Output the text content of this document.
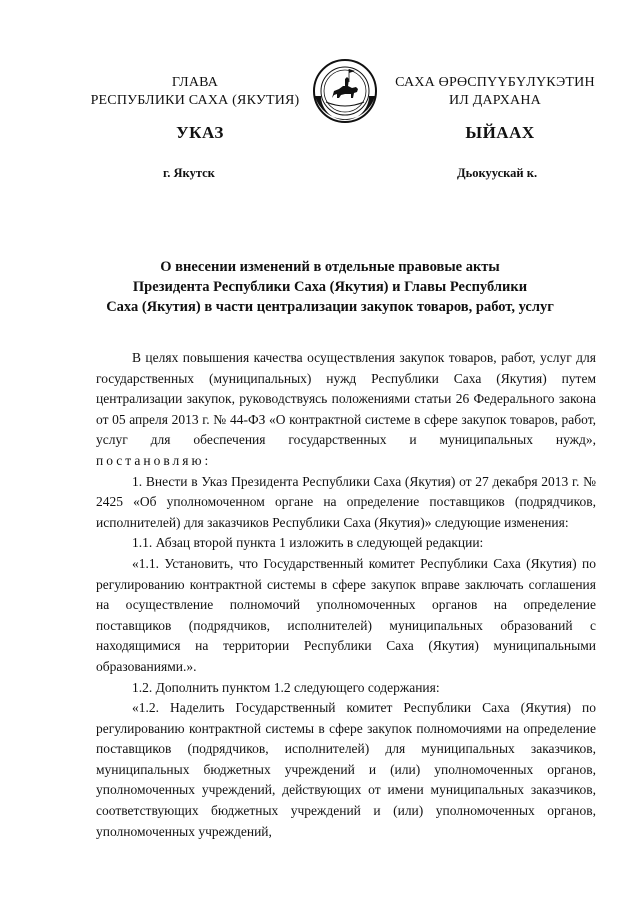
ГЛАВА
РЕСПУБЛИКИ САХА (ЯКУТИЯ)
САХА ӨРӨСПҮҮБҮЛҮКЭТИН
ИЛ ДАРХАНА
УКАЗ	ЫЙААХ
г. Якутск	Дьокуускай к.
О внесении изменений в отдельные правовые акты
Президента Республики Саха (Якутия) и Главы Республики
Саха (Якутия) в части централизации закупок товаров, работ, услуг

В целях повышения качества осуществления закупок товаров, работ, услуг для государственных (муниципальных) нужд Республики Саха (Якутия) путем централизации закупок, руководствуясь положениями статьи 26 Федерального закона от 05 апреля 2013 г. № 44-ФЗ «О контрактной системе в сфере закупок товаров, работ, услуг для обеспечения государственных и муниципальных нужд», постановляю:

1. Внести в Указ Президента Республики Саха (Якутия) от 27 декабря 2013 г. № 2425 «Об уполномоченном органе на определение поставщиков (подрядчиков, исполнителей) для заказчиков Республики Саха (Якутия)» следующие изменения:

1.1. Абзац второй пункта 1 изложить в следующей редакции:

«1.1. Установить, что Государственный комитет Республики Саха (Якутия) по регулированию контрактной системы в сфере закупок вправе заключать соглашения на осуществление полномочий уполномоченных органов на определение поставщиков (подрядчиков, исполнителей) муниципальных образований с находящимися на территории Республики Саха (Якутия) муниципальными образованиями.».

1.2. Дополнить пунктом 1.2 следующего содержания:

«1.2. Наделить Государственный комитет Республики Саха (Якутия) по регулированию контрактной системы в сфере закупок полномочиями на определение поставщиков (подрядчиков, исполнителей) для муниципальных заказчиков, муниципальных бюджетных учреждений и (или) уполномоченных органов, уполномоченных учреждений, действующих от имени муниципальных заказчиков, соответствующих бюджетных учреждений и (или) уполномоченных органов, уполномоченных учреждений,
